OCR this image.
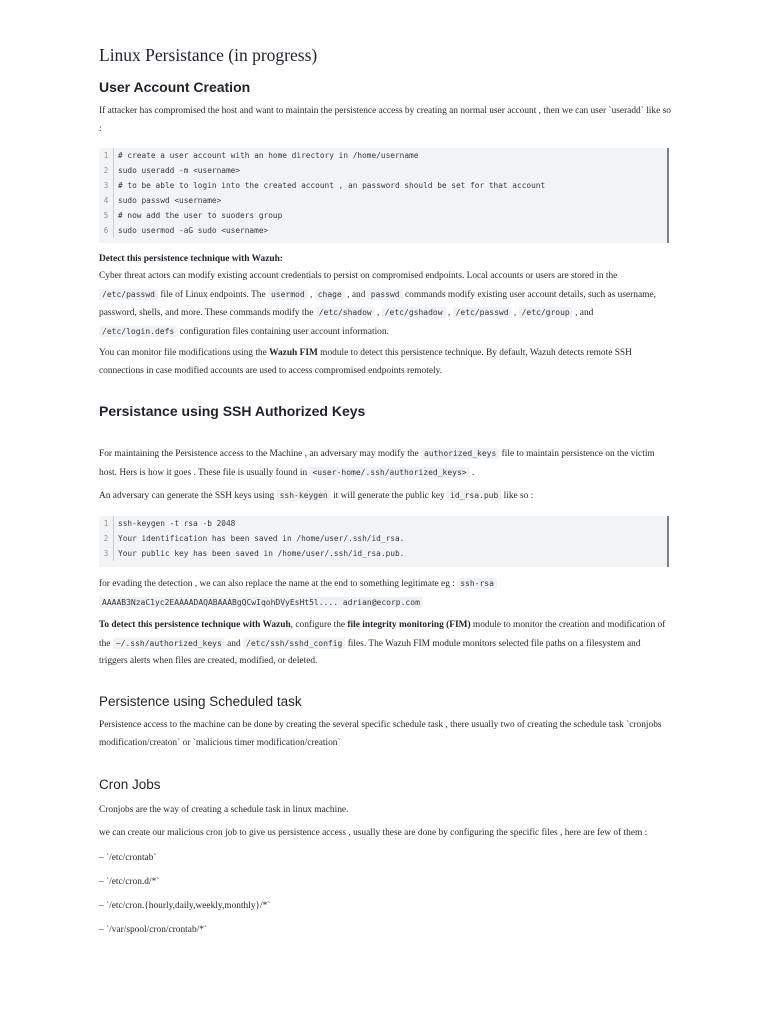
Linux Persistance (in progress)
User Account Creation

If attacker has compromised the host and want to maintain the persistence access by creating an normal user account , then we can user `useradd` like so :

1	# create a user account with an home directory in /home/username
2	sudo useradd -m <username>
3	# to be able to login into the created account , an password should be set for that account
4	sudo passwd <username>
5	# now add the user to suoders group
6	sudo usermod -aG sudo <username>

Detect this persistence technique with Wazuh:

Cyber threat actors can modify existing account credentials to persist on compromised endpoints. Local accounts or users are stored in the /etc/passwd file of Linux endpoints. The usermod , chage , and passwd commands modify existing user account details, such as username, password, shells, and more. These commands modify the /etc/shadow , /etc/gshadow , /etc/passwd , /etc/group , and /etc/login.defs configuration files containing user account information.

You can monitor file modifications using the Wazuh FIM module to detect this persistence technique. By default, Wazuh detects remote SSH connections in case modified accounts are used to access compromised endpoints remotely.

Persistance using SSH Authorized Keys

For maintaining the Persistence access to the Machine , an adversary may modify the authorized_keys file to maintain persistence on the victim host. Hers is how it goes . These file is usually found in <user-home/.ssh/authorized_keys> .

An adversary can generate the SSH keys using ssh-keygen it will generate the public key id_rsa.pub like so :

1	ssh-keygen -t rsa -b 2048
2	Your identification has been saved in /home/user/.ssh/id_rsa.
3	Your public key has been saved in /home/user/.ssh/id_rsa.pub.

for evading the detection , we can also replace the name at the end to something legitimate eg : ssh-rsa
AAAAB3NzaC1yc2EAAAADAQABAAABgQCwIqohDVyEsHt5l.... adrian@ecorp.com

To detect this persistence technique with Wazuh, configure the file integrity monitoring (FIM) module to monitor the creation and modification of the ~/.ssh/authorized_keys and /etc/ssh/sshd_config files. The Wazuh FIM module monitors selected file paths on a filesystem and triggers alerts when files are created, modified, or deleted.

Persistence using Scheduled task

Persistence access to the machine can be done by creating the several specific schedule task , there usually two of creating the schedule task `cronjobs modification/creaton` or `malicious timer modification/creation`

Cron Jobs

Cronjobs are the way of creating a schedule task in linux machine.

we can create our malicious cron job to give us persistence access , usually these are done by configuring the specific files , here are few of them :

– `/etc/crontab`

– `/etc/cron.d/*`

– `/etc/cron.{hourly,daily,weekly,monthly}/*`

– `/var/spool/cron/crontab/*`
